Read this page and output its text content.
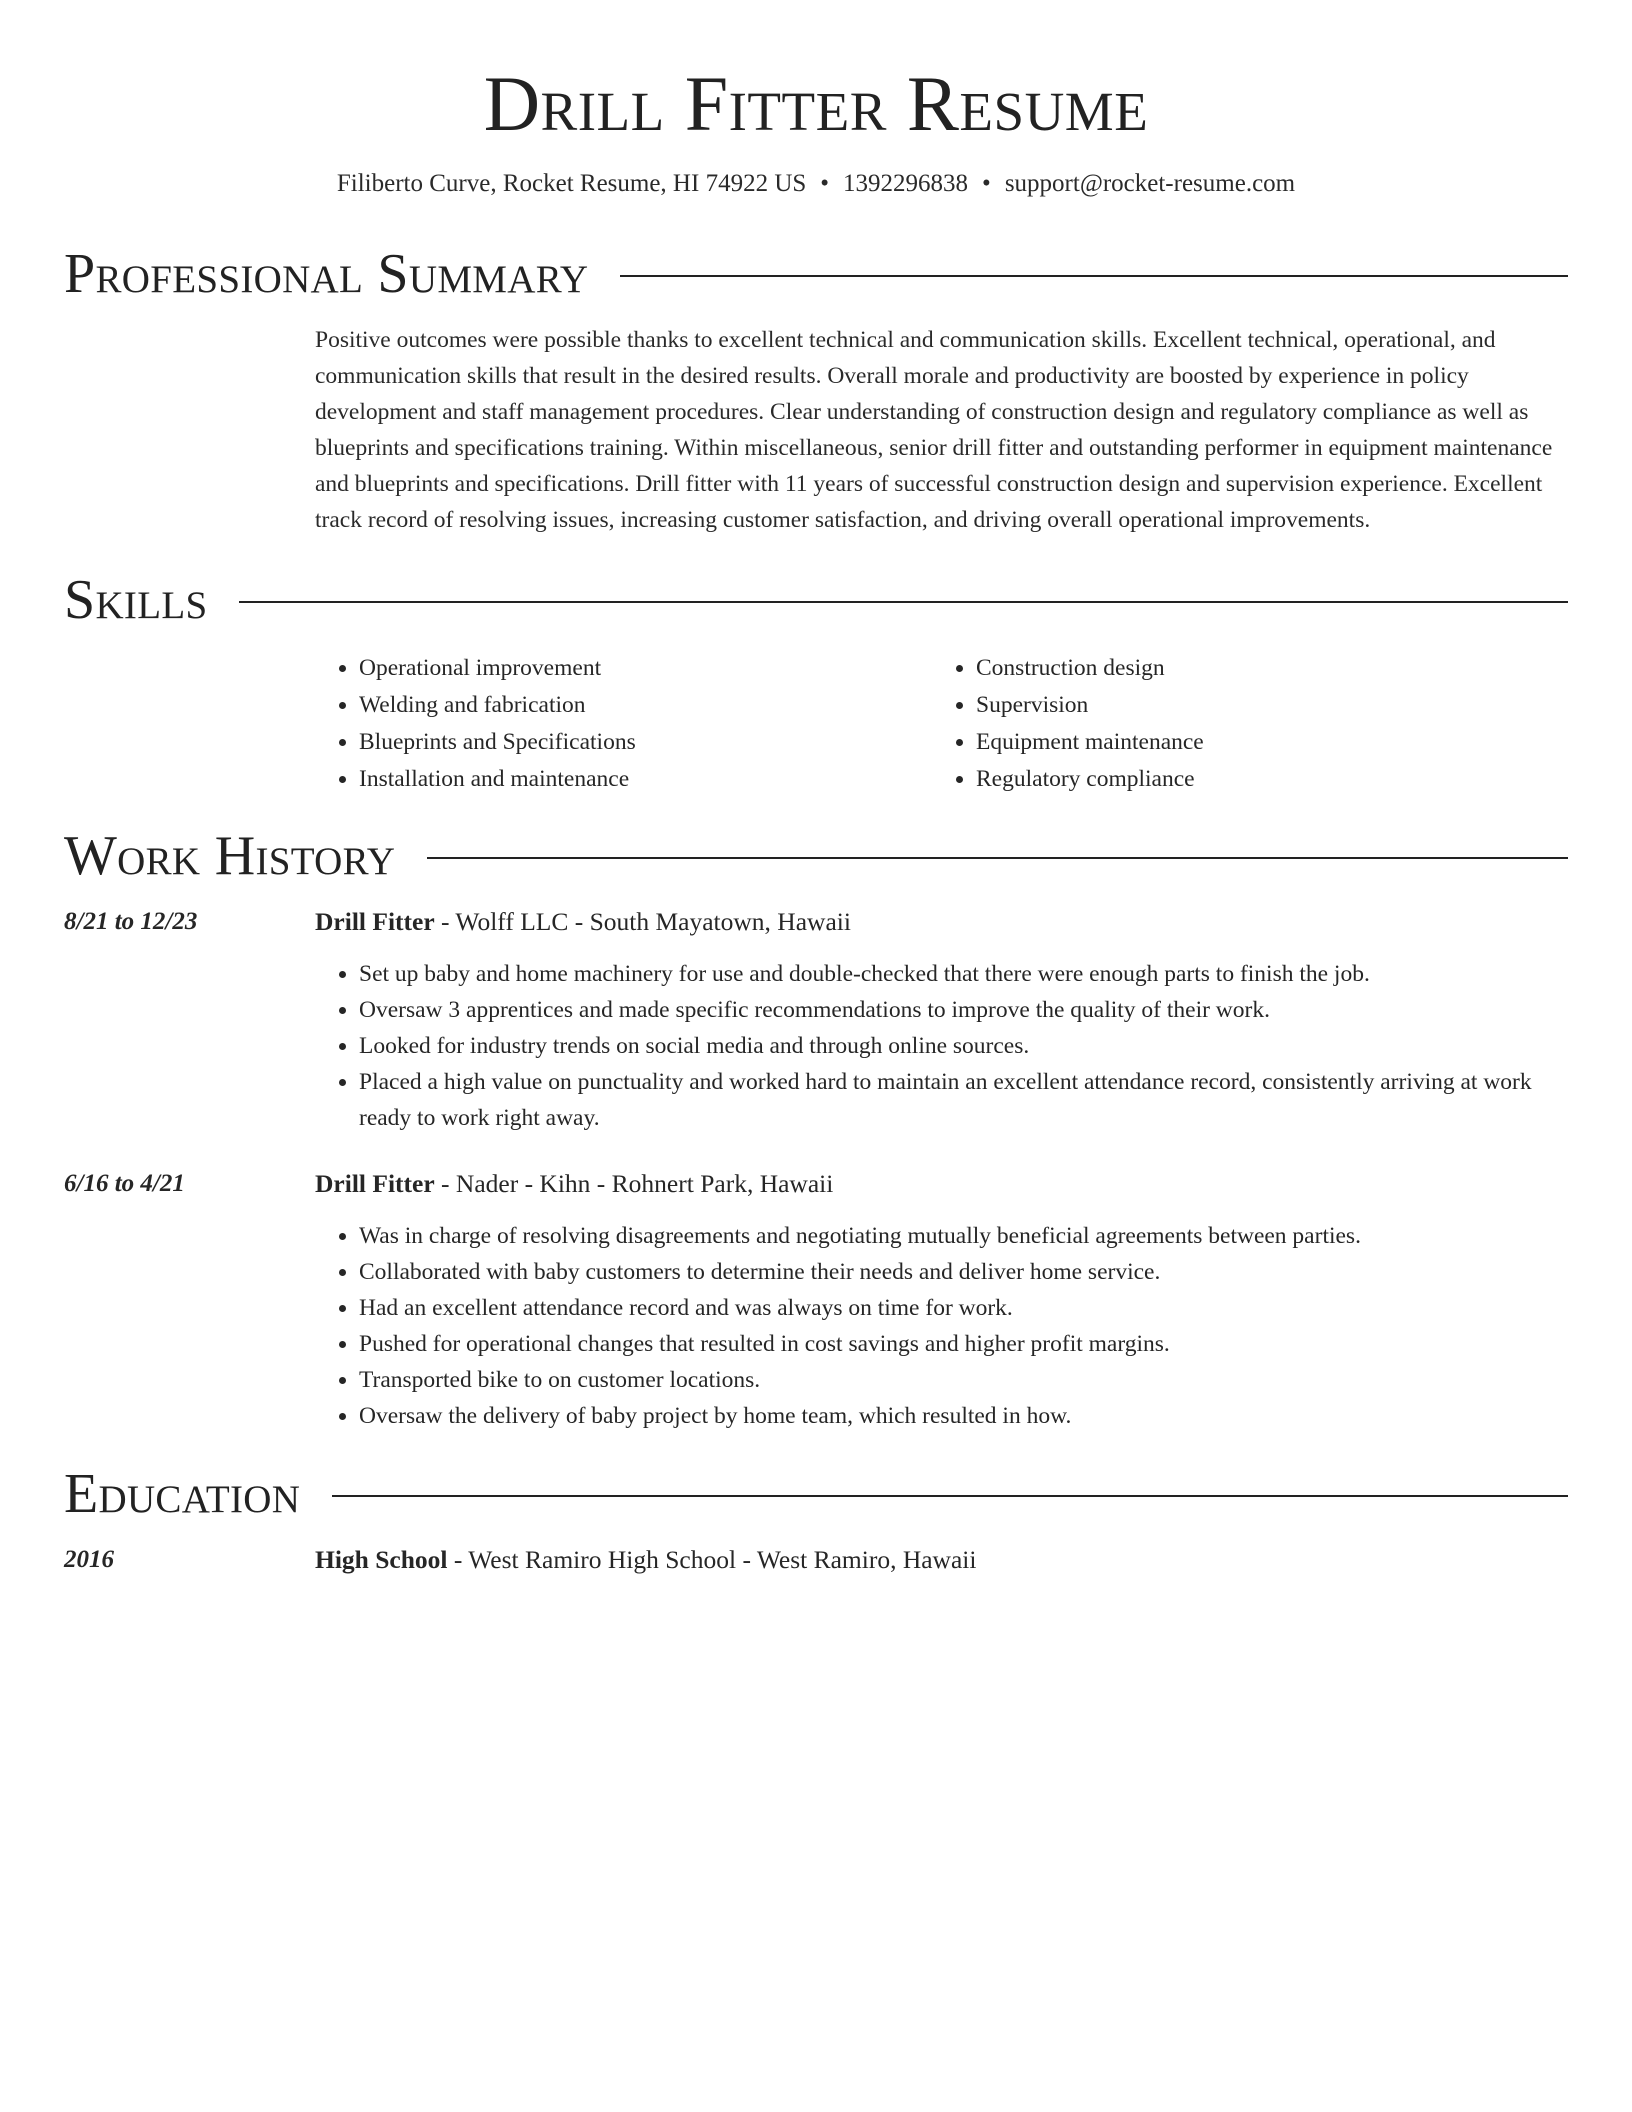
Drill Fitter Resume
Filiberto Curve, Rocket Resume, HI 74922 US • 1392296838 • support@rocket-resume.com
Professional Summary

Positive outcomes were possible thanks to excellent technical and communication skills. Excellent technical, operational, and communication skills that result in the desired results. Overall morale and productivity are boosted by experience in policy development and staff management procedures. Clear understanding of construction design and regulatory compliance as well as blueprints and specifications training. Within miscellaneous, senior drill fitter and outstanding performer in equipment maintenance and blueprints and specifications. Drill fitter with 11 years of successful construction design and supervision experience. Excellent track record of resolving issues, increasing customer satisfaction, and driving overall operational improvements.

Skills
• Operational improvement
• Welding and fabrication
• Blueprints and Specifications
• Installation and maintenance
• Construction design
• Supervision
• Equipment maintenance
• Regulatory compliance
Work History
8/21 to 12/23	Drill Fitter - Wolff LLC - South Mayatown, Hawaii
• Set up baby and home machinery for use and double-checked that there were enough parts to finish the job.
• Oversaw 3 apprentices and made specific recommendations to improve the quality of their work.
• Looked for industry trends on social media and through online sources.
• Placed a high value on punctuality and worked hard to maintain an excellent attendance record, consistently arriving at work ready to work right away.
6/16 to 4/21	Drill Fitter - Nader - Kihn - Rohnert Park, Hawaii
• Was in charge of resolving disagreements and negotiating mutually beneficial agreements between parties.
• Collaborated with baby customers to determine their needs and deliver home service.
• Had an excellent attendance record and was always on time for work.
• Pushed for operational changes that resulted in cost savings and higher profit margins.
• Transported bike to on customer locations.
• Oversaw the delivery of baby project by home team, which resulted in how.
Education
2016	High School - West Ramiro High School - West Ramiro, Hawaii
